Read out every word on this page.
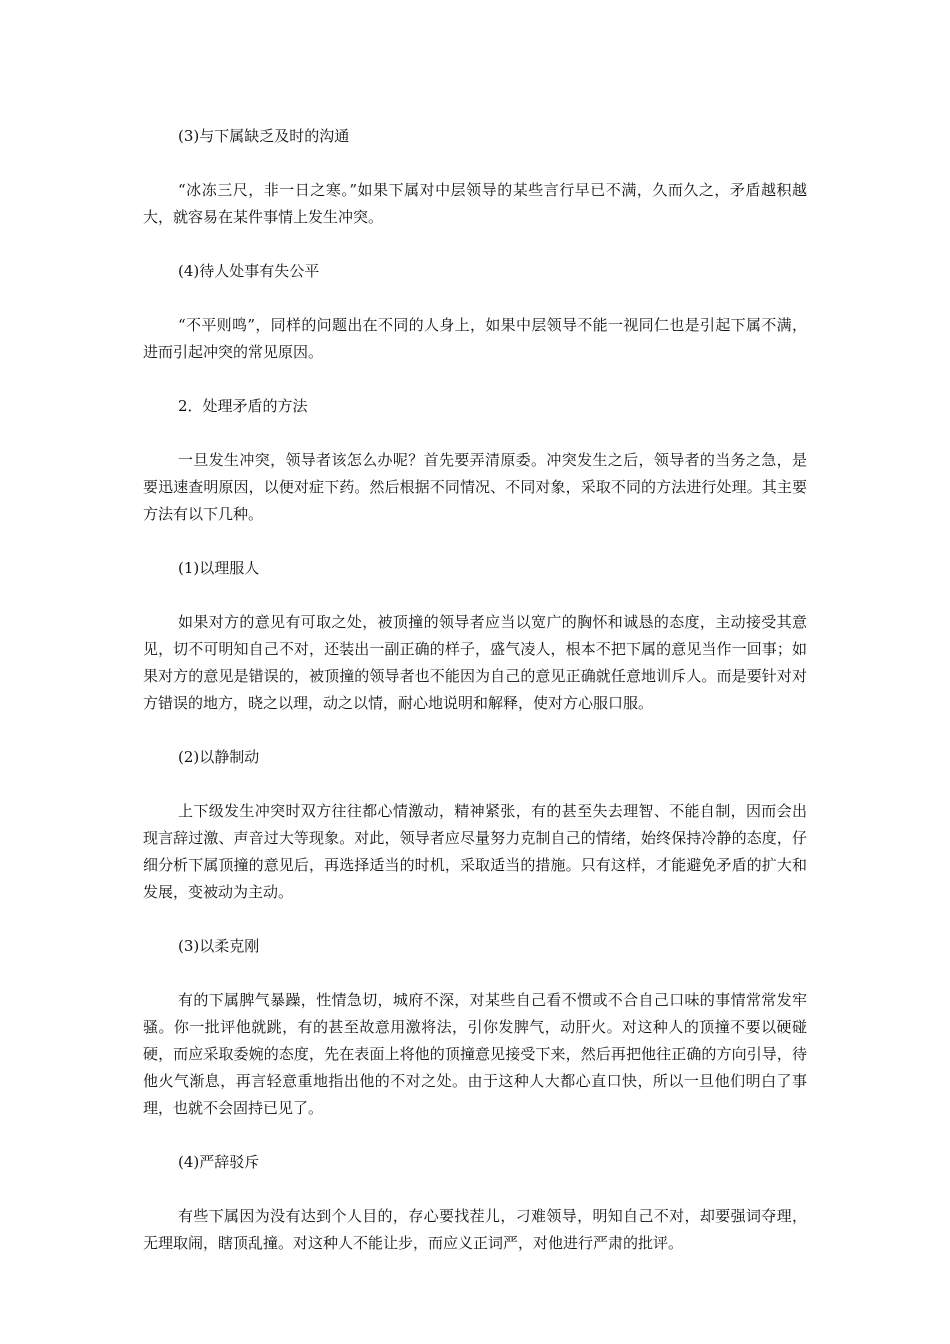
(3)与下属缺乏及时的沟通

“冰冻三尺，非一日之寒。”如果下属对中层领导的某些言行早已不满，久而久之，矛盾越积越大，就容易在某件事情上发生冲突。

(4)待人处事有失公平

“不平则鸣”，同样的问题出在不同的人身上，如果中层领导不能一视同仁也是引起下属不满，进而引起冲突的常见原因。

2．处理矛盾的方法

一旦发生冲突，领导者该怎么办呢？首先要弄清原委。冲突发生之后，领导者的当务之急，是要迅速查明原因，以便对症下药。然后根据不同情况、不同对象，采取不同的方法进行处理。其主要方法有以下几种。

(1)以理服人

如果对方的意见有可取之处，被顶撞的领导者应当以宽广的胸怀和诚恳的态度，主动接受其意见，切不可明知自己不对，还装出一副正确的样子，盛气凌人，根本不把下属的意见当作一回事；如果对方的意见是错误的，被顶撞的领导者也不能因为自己的意见正确就任意地训斥人。而是要针对对方错误的地方，晓之以理，动之以情，耐心地说明和解释，使对方心服口服。

(2)以静制动

上下级发生冲突时双方往往都心情激动，精神紧张，有的甚至失去理智、不能自制，因而会出现言辞过激、声音过大等现象。对此，领导者应尽量努力克制自己的情绪，始终保持冷静的态度，仔细分析下属顶撞的意见后，再选择适当的时机，采取适当的措施。只有这样，才能避免矛盾的扩大和发展，变被动为主动。

(3)以柔克刚

有的下属脾气暴躁，性情急切，城府不深，对某些自己看不惯或不合自己口味的事情常常发牢骚。你一批评他就跳，有的甚至故意用激将法，引你发脾气，动肝火。对这种人的顶撞不要以硬碰硬，而应采取委婉的态度，先在表面上将他的顶撞意见接受下来，然后再把他往正确的方向引导，待他火气渐息，再言轻意重地指出他的不对之处。由于这种人大都心直口快，所以一旦他们明白了事理，也就不会固持已见了。

(4)严辞驳斥

有些下属因为没有达到个人目的，存心要找茬儿，刁难领导，明知自己不对，却要强词夺理，无理取闹，瞎顶乱撞。对这种人不能让步，而应义正词严，对他进行严肃的批评。
